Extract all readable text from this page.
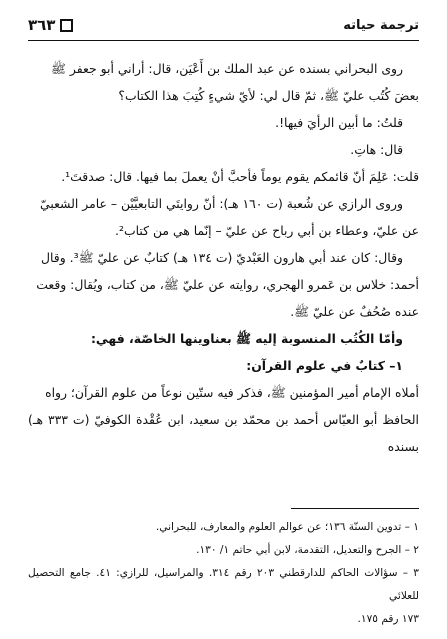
ترجمة حياته
٣٦٣

روى البحراني بسنده عن عبد الملك بن أَعْيَن، قال: أراني أبو جعفر ﷺ

بعضَ كُتُب عليّ ﷺ، ثمّ قال لي: لأيّ شيءٍ كُتِبَ هذا الكتاب؟

قلتُ: ما أبين الرأيَ فيها!.

قال: هاتِ.

قلت: عَلِمَ أنّ قائمكم يقوم يوماً فأحبَّ أنْ يعملَ بما فيها. قال: صدقتَ¹.

وروى الرازي عن شُعبة (ت ١٦٠ هـ): أنّ روايتَي التابعيَّيْن – عامر الشعبيّ

عن عليّ، وعطاء بن أبي رباح عن عليّ – إنّما هي من كتاب².

وقال: كان عند أبي هارون العَبْديّ (ت ١٣٤ هـ) كتابٌ عن عليّ ﷺ³. وقال

أحمد: خلاس بن عَمرو الهجري، روايته عن عليّ ﷺ، من كتاب، ويُقال: وقعت

عنده صُحُفٌ عن عليّ ﷺ.

وأمّا الكُتُب المنسوبة إليه ﷺ بعناوينها الخاصّة، فهي:

١– كتابٌ في علوم القرآن:

أملاه الإمام أمير المؤمنين ﷺ، فذكر فيه ستّين نوعاً من علوم القرآن؛ رواه

الحافظ أبو العبّاس أحمد بن محمّد بن سعيد، ابن عُقْدة الكوفيّ (ت ٣٣٣ هـ) بسنده

١ – تدوين السنّة ١٣٦؛ عن عوالم العلوم والمعارف، للبحراني.

٢ – الجرح والتعديل، التقدمة، لابن أبي حاتم ١/ ١٣٠.

٣ – سؤالات الحاكم للدارقطني ٢٠٣ رقم ٣١٤. والمراسيل، للرازي: ٤١. جامع التحصيل للعلائي

١٧٣ رقم ١٧٥.
